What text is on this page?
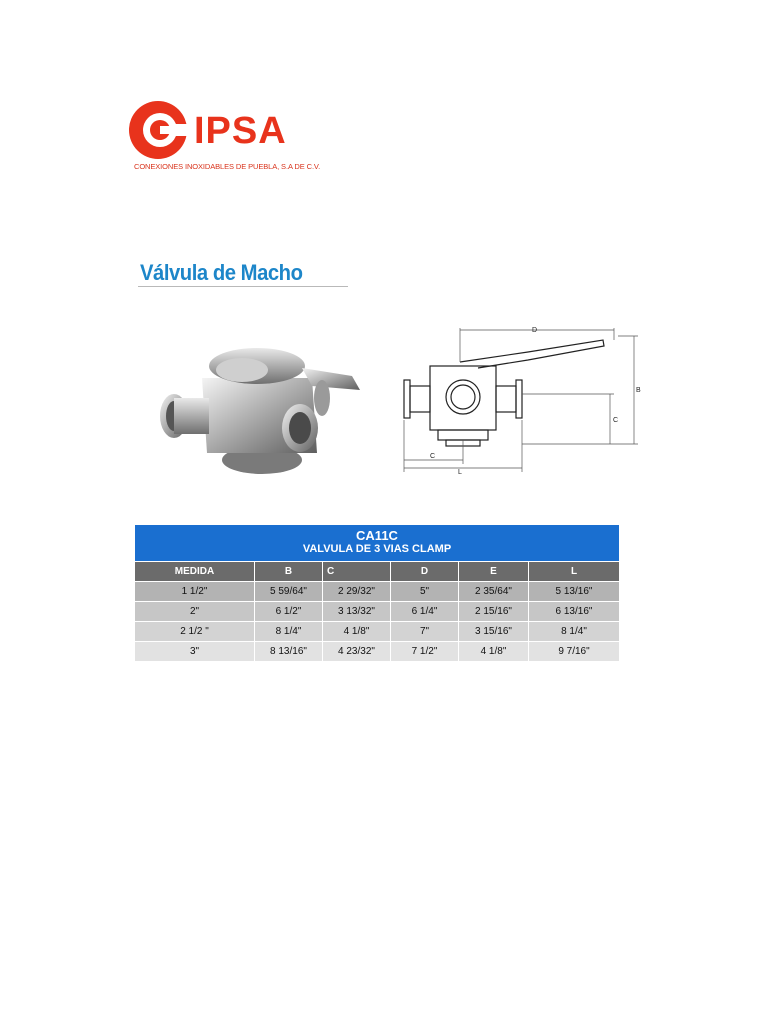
IPSA
CONEXIONES INOXIDABLES DE PUEBLA, S.A DE C.V.
Válvula de Macho
D
B
C
C
L
CA11C
VALVULA DE 3 VIAS CLAMP
MEDIDA	B	C	D	E	L
1 1/2"	5 59/64"	2 29/32"	5"	2 35/64"	5 13/16"
2"	6 1/2"	3 13/32"	6 1/4"	2 15/16"	6 13/16"
2 1/2 "	8 1/4"	4 1/8"	7"	3 15/16"	8 1/4"
3"	8 13/16"	4 23/32"	7 1/2"	4 1/8"	9 7/16"
